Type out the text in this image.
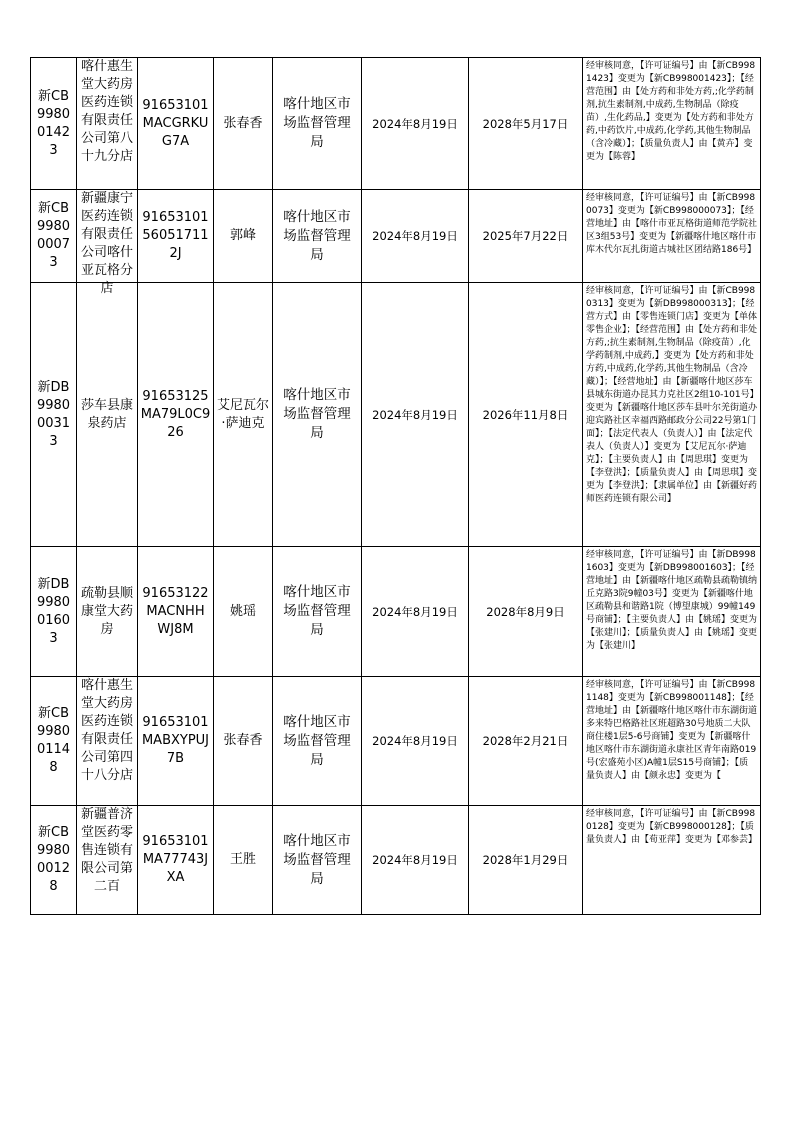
新CB99800142 3	喀什惠生堂大药房医药连锁有限责任公司第八十九分店	91653101MACGRKUG7A	张春香	喀什地区市场监督管理局	2024年8月19日	2028年5月17日	经审核同意，【许可证编号】由【新CB9981423】变更为【新CB998001423】；【经营范围】由【处方药和非处方药,;化学药制剂,抗生素制剂,中成药,生物制品（除疫苗）,生化药品,】变更为【处方药和非处方药,中药饮片,中成药,化学药,其他生物制品（含冷藏）】；【质量负责人】由【黄卉】变更为【陈蓉】

新CB99800007 3	新疆康宁医药连锁有限责任公司喀什亚瓦格分店	91653101560517112J	郭峰	喀什地区市场监督管理局	2024年8月19日	2025年7月22日	经审核同意，【许可证编号】由【新CB9980073】变更为【新CB998000073】；【经营地址】由【喀什市亚瓦格街道师范学院社区3组53号】变更为【新疆喀什地区喀什市库木代尔瓦扎街道古城社区团结路186号】

新DB99800031 3	莎车县康泉药店	91653125MA79L0C926	艾尼瓦尔·萨迪克	喀什地区市场监督管理局	2024年8月19日	2026年11月8日	经审核同意，【许可证编号】由【新CB9980313】变更为【新DB998000313】；【经营方式】由【零售连锁门店】变更为【单体零售企业】；【经营范围】由【处方药和非处方药,;抗生素制剂,生物制品（除疫苗）,化学药制剂,中成药,】变更为【处方药和非处方药,中成药,化学药,其他生物制品（含冷藏）】；【经营地址】由【新疆喀什地区莎车县城东街道办昆其力克社区2组10-101号】变更为【新疆喀什地区莎车县叶尔羌街道办迎宾路社区幸福西路邮政分公司22号第1门面】；【法定代表人（负责人）】由【法定代表人（负责人）】变更为【艾尼瓦尔·萨迪克】；【主要负责人】由【周思琪】变更为【李登洪】；【质量负责人】由【周思琪】变更为【李登洪】；【隶属单位】由【新疆好药师医药连锁有限公司】

新DB99800160 3	疏勒县顺康堂大药房	91653122MACNHHWJ8M	姚瑶	喀什地区市场监督管理局	2024年8月19日	2028年8月9日	经审核同意，【许可证编号】由【新DB9981603】变更为【新DB998001603】；【经营地址】由【新疆喀什地区疏勒县疏勒镇纳丘克路3院9幢03号】变更为【新疆喀什地区疏勒县和谐路1院（博望康城）99幢149号商铺】；【主要负责人】由【姚瑶】变更为【张建川】；【质量负责人】由【姚瑶】变更为【张建川】

新CB99800114 8	喀什惠生堂大药房医药连锁有限责任公司第四十八分店	91653101MABXYPUJ7B	张春香	喀什地区市场监督管理局	2024年8月19日	2028年2月21日	经审核同意，【许可证编号】由【新CB9981148】变更为【新CB998001148】；【经营地址】由【新疆喀什地区喀什市东湖街道多来特巴格路社区班超路30号地质二大队商住楼1层5-6号商铺】变更为【新疆喀什地区喀什市东湖街道永康社区青年南路019号(宏盛苑小区)A幢1层S15号商铺】；【质量负责人】由【颜永忠】变更为【

新CB99800012 8	新疆普济堂医药零售连锁有限公司第二百	91653101MA77743JXA	王胜	喀什地区市场监督管理局	2024年8月19日	2028年1月29日	经审核同意，【许可证编号】由【新CB9980128】变更为【新CB998000128】；【质量负责人】由【荀亚萍】变更为【邓参芸】
